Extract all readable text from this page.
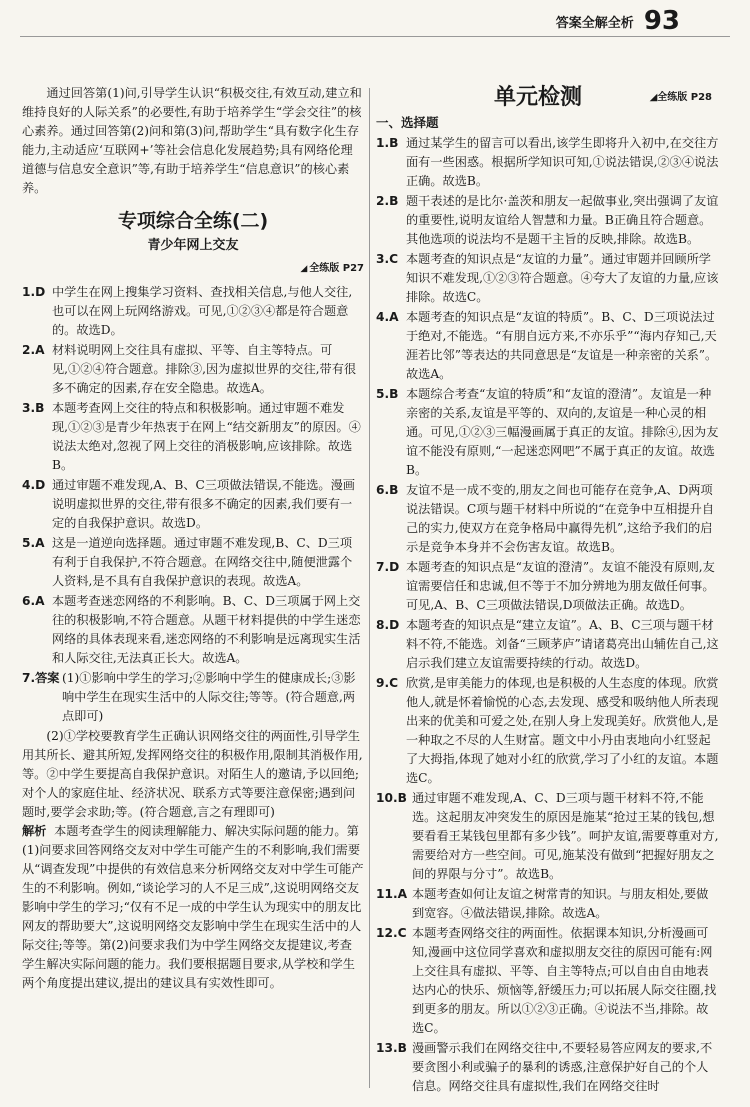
答案全解全析 93

通过回答第(1)问,引导学生认识“积极交往,有效互动,建立和维持良好的人际关系”的必要性,有助于培养学生“学会交往”的核心素养。通过回答第(2)问和第(3)问,帮助学生“具有数字化生存能力,主动适应‘互联网+’等社会信息化发展趋势;具有网络伦理道德与信息安全意识”等,有助于培养学生“信息意识”的核心素养。

专项综合全练(二)
青少年网上交友
◢ 全练版 P27
1.D 中学生在网上搜集学习资料、查找相关信息,与他人交往,也可以在网上玩网络游戏。可见,①②③④都是符合题意的。故选D。
2.A 材料说明网上交往具有虚拟、平等、自主等特点。可见,①②④符合题意。排除③,因为虚拟世界的交往,带有很多不确定的因素,存在安全隐患。故选A。
3.B 本题考查网上交往的特点和积极影响。通过审题不难发现,①②③是青少年热衷于在网上“结交新朋友”的原因。④说法太绝对,忽视了网上交往的消极影响,应该排除。故选B。
4.D 通过审题不难发现,A、B、C三项做法错误,不能选。漫画说明虚拟世界的交往,带有很多不确定的因素,我们要有一定的自我保护意识。故选D。
5.A 这是一道逆向选择题。通过审题不难发现,B、C、D三项有利于自我保护,不符合题意。在网络交往中,随便泄露个人资料,是不具有自我保护意识的表现。故选A。
6.A 本题考查迷恋网络的不利影响。B、C、D三项属于网上交往的积极影响,不符合题意。从题干材料提供的中学生迷恋网络的具体表现来看,迷恋网络的不利影响是远离现实生活和人际交往,无法真正长大。故选A。
7.答案 (1)①影响中学生的学习;②影响中学生的健康成长;③影响中学生在现实生活中的人际交往;等等。(符合题意,两点即可)

(2)①学校要教育学生正确认识网络交往的两面性,引导学生用其所长、避其所短,发挥网络交往的积极作用,限制其消极作用,等。②中学生要提高自我保护意识。对陌生人的邀请,予以回绝;对个人的家庭住址、经济状况、联系方式等要注意保密;遇到问题时,要学会求助;等。(符合题意,言之有理即可)

解析 本题考查学生的阅读理解能力、解决实际问题的能力。第(1)问要求回答网络交友对中学生可能产生的不利影响,我们需要从“调查发现”中提供的有效信息来分析网络交友对中学生可能产生的不利影响。例如,“谈论学习的人不足三成”,这说明网络交友影响中学生的学习;“仅有不足一成的中学生认为现实中的朋友比网友的帮助要大”,这说明网络交友影响中学生在现实生活中的人际交往;等等。第(2)问要求我们为中学生网络交友提建议,考查学生解决实际问题的能力。我们要根据题目要求,从学校和学生两个角度提出建议,提出的建议具有实效性即可。

单元检测	◢全练版 P28
一、选择题
1.B 通过某学生的留言可以看出,该学生即将升入初中,在交往方面有一些困惑。根据所学知识可知,①说法错误,②③④说法正确。故选B。
2.B 题干表述的是比尔·盖茨和朋友一起做事业,突出强调了友谊的重要性,说明友谊给人智慧和力量。B正确且符合题意。其他选项的说法均不是题干主旨的反映,排除。故选B。
3.C 本题考查的知识点是“友谊的力量”。通过审题并回顾所学知识不难发现,①②③符合题意。④夸大了友谊的力量,应该排除。故选C。
4.A 本题考查的知识点是“友谊的特质”。B、C、D三项说法过于绝对,不能选。“有朋自远方来,不亦乐乎”“海内存知己,天涯若比邻”等表达的共同意思是“友谊是一种亲密的关系”。故选A。
5.B 本题综合考查“友谊的特质”和“友谊的澄清”。友谊是一种亲密的关系,友谊是平等的、双向的,友谊是一种心灵的相通。可见,①②③三幅漫画属于真正的友谊。排除④,因为友谊不能没有原则,“一起迷恋网吧”不属于真正的友谊。故选B。
6.B 友谊不是一成不变的,朋友之间也可能存在竞争,A、D两项说法错误。C项与题干材料中所说的“在竞争中互相提升自己的实力,使双方在竞争格局中赢得先机”,这给予我们的启示是竞争本身并不会伤害友谊。故选B。
7.D 本题考查的知识点是“友谊的澄清”。友谊不能没有原则,友谊需要信任和忠诚,但不等于不加分辨地为朋友做任何事。可见,A、B、C三项做法错误,D项做法正确。故选D。
8.D 本题考查的知识点是“建立友谊”。A、B、C三项与题干材料不符,不能选。刘备“三顾茅庐”请诸葛亮出山辅佐自己,这启示我们建立友谊需要持续的行动。故选D。
9.C 欣赏,是审美能力的体现,也是积极的人生态度的体现。欣赏他人,就是怀着愉悦的心态,去发现、感受和吸纳他人所表现出来的优美和可爱之处,在别人身上发现美好。欣赏他人,是一种取之不尽的人生财富。题文中小丹由衷地向小红竖起了大拇指,体现了她对小红的欣赏,学习了小红的友谊。本题选C。
10.B 通过审题不难发现,A、C、D三项与题干材料不符,不能选。这起朋友冲突发生的原因是施某“抢过王某的钱包,想要看看王某钱包里都有多少钱”。呵护友谊,需要尊重对方,需要给对方一些空间。可见,施某没有做到“把握好朋友之间的界限与分寸”。故选B。
11.A 本题考查如何让友谊之树常青的知识。与朋友相处,要做到宽容。④做法错误,排除。故选A。
12.C 本题考查网络交往的两面性。依据课本知识,分析漫画可知,漫画中这位同学喜欢和虚拟朋友交往的原因可能有:网上交往具有虚拟、平等、自主等特点;可以自由自由地表达内心的快乐、烦恼等,舒缓压力;可以拓展人际交往圈,找到更多的朋友。所以①②③正确。④说法不当,排除。故选C。
13.B 漫画警示我们在网络交往中,不要轻易答应网友的要求,不要贪图小利或骗子的暴利的诱惑,注意保护好自己的个人信息。网络交往具有虚拟性,我们在网络交往时
